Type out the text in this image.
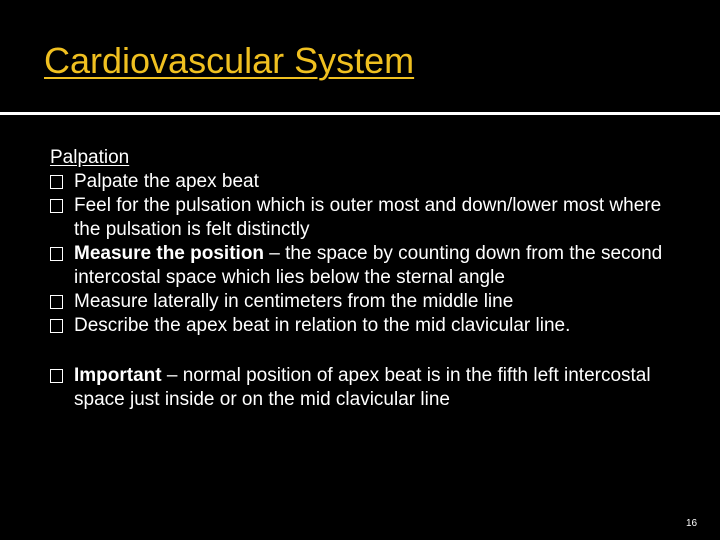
Cardiovascular System
Palpation
Palpate the apex beat
Feel for the pulsation which is outer most and down/lower most where the pulsation is felt distinctly
Measure the position – the space by counting down from the second intercostal space which lies below the sternal angle
Measure laterally in centimeters from the middle line
Describe the apex beat in relation to the mid clavicular line.
Important – normal position of apex beat is in the fifth left intercostal space just inside or on the mid clavicular line
16
